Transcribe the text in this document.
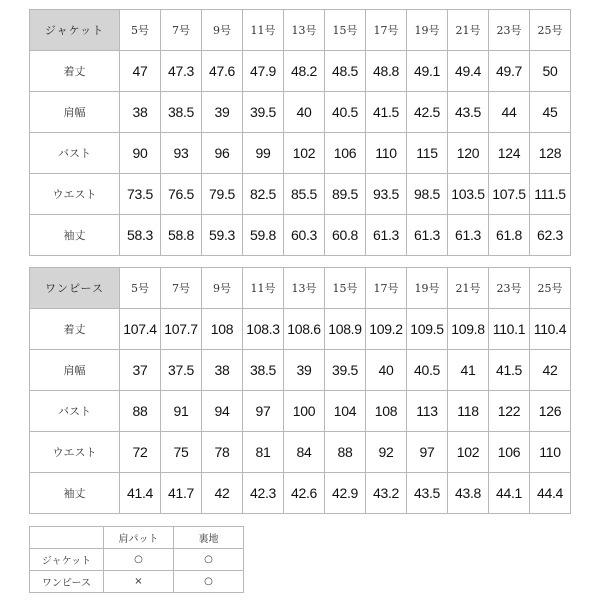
ジャケット	5号	7号	9号	11号	13号	15号	17号	19号	21号	23号	25号
着丈	47	47.3	47.6	47.9	48.2	48.5	48.8	49.1	49.4	49.7	50
肩幅	38	38.5	39	39.5	40	40.5	41.5	42.5	43.5	44	45
バスト	90	93	96	99	102	106	110	115	120	124	128
ウエスト	73.5	76.5	79.5	82.5	85.5	89.5	93.5	98.5	103.5	107.5	111.5
袖丈	58.3	58.8	59.3	59.8	60.3	60.8	61.3	61.3	61.3	61.8	62.3
ワンピース	5号	7号	9号	11号	13号	15号	17号	19号	21号	23号	25号
着丈	107.4	107.7	108	108.3	108.6	108.9	109.2	109.5	109.8	110.1	110.4
肩幅	37	37.5	38	38.5	39	39.5	40	40.5	41	41.5	42
バスト	88	91	94	97	100	104	108	113	118	122	126
ウエスト	72	75	78	81	84	88	92	97	102	106	110
袖丈	41.4	41.7	42	42.3	42.6	42.9	43.2	43.5	43.8	44.1	44.4
	肩パット	裏地
ジャケット	○	○
ワンピース	×	○
